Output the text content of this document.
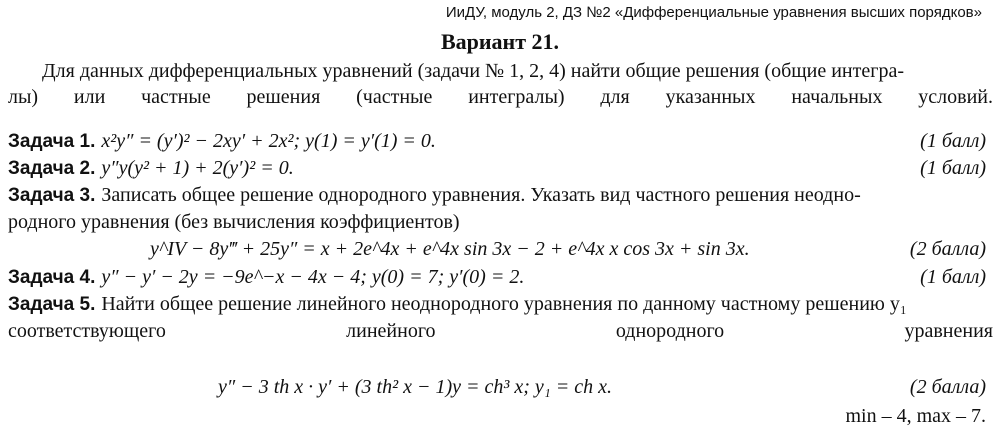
ИиДУ, модуль 2, ДЗ №2 «Дифференциальные уравнения высших порядков»
Вариант 21.
Для данных дифференциальных уравнений (задачи № 1, 2, 4) найти общие решения (общие интегра-
лы) или частные решения (частные интегралы) для указанных начальных условий.
Задача 1. x²y″ = (y′)² − 2xy′ + 2x²; y(1) = y′(1) = 0.	(1 балл)
Задача 2. y″y(y² + 1) + 2(y′)² = 0.	(1 балл)
Задача 3. Записать общее решение однородного уравнения. Указать вид частного решения неодно-
родного уравнения (без вычисления коэффициентов)
y^IV − 8y‴ + 25y″ = x + 2e^4x + e^4x sin 3x − 2 + e^4x x cos 3x + sin 3x.	(2 балла)
Задача 4. y″ − y′ − 2y = −9e^−x − 4x − 4; y(0) = 7; y′(0) = 2.	(1 балл)
Задача 5. Найти общее решение линейного неоднородного уравнения по данному частному решению y₁
соответствующего	линейного	однородного	уравнения
y″ − 3 th x · y′ + (3 th² x − 1)y = ch³ x; y₁ = ch x.	(2 балла)
min – 4, max – 7.
